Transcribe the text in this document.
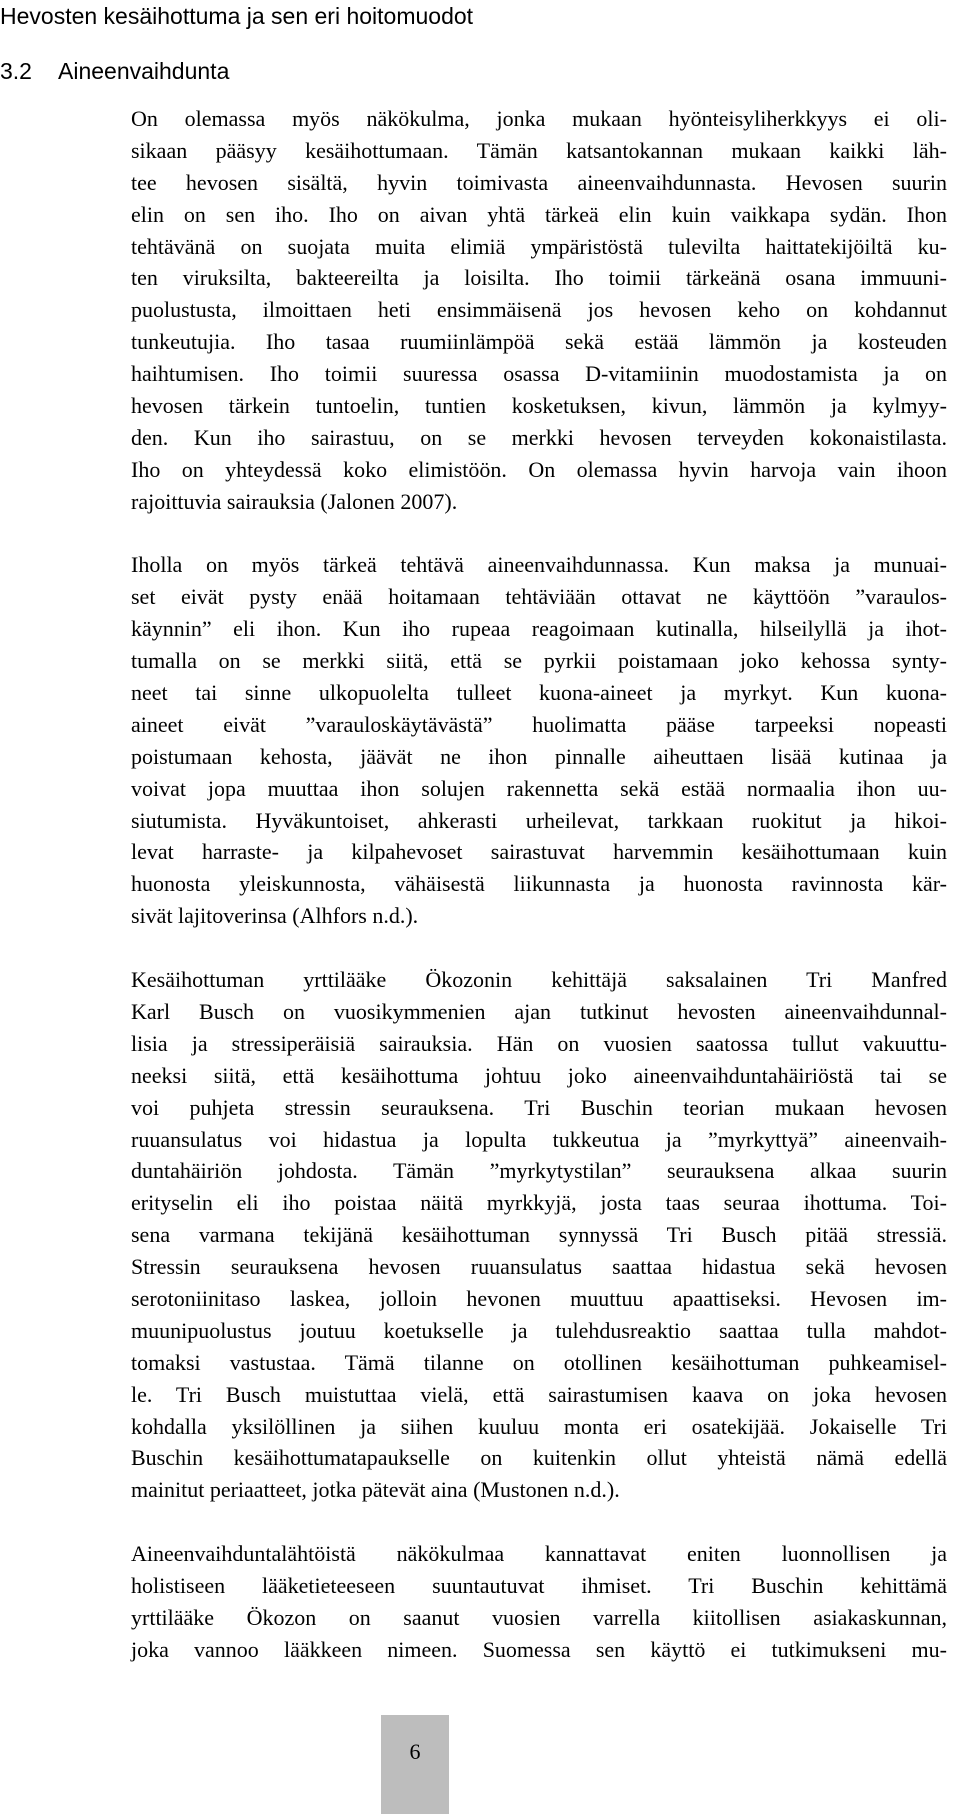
Hevosten kesäihottuma ja sen eri hoitomuodot
3.2 Aineenvaihdunta
On olemassa myös näkökulma, jonka mukaan hyönteisyliherkkyys ei oli-
sikaan pääsyy kesäihottumaan. Tämän katsantokannan mukaan kaikki läh-
tee hevosen sisältä, hyvin toimivasta aineenvaihdunnasta. Hevosen suurin
elin on sen iho. Iho on aivan yhtä tärkeä elin kuin vaikkapa sydän. Ihon
tehtävänä on suojata muita elimiä ympäristöstä tulevilta haittatekijöiltä ku-
ten viruksilta, bakteereilta ja loisilta. Iho toimii tärkeänä osana immuuni-
puolustusta, ilmoittaen heti ensimmäisenä jos hevosen keho on kohdannut
tunkeutujia. Iho tasaa ruumiinlämpöä sekä estää lämmön ja kosteuden
haihtumisen. Iho toimii suuressa osassa D-vitamiinin muodostamista ja on
hevosen tärkein tuntoelin, tuntien kosketuksen, kivun, lämmön ja kylmyy-
den. Kun iho sairastuu, on se merkki hevosen terveyden kokonaistilasta.
Iho on yhteydessä koko elimistöön. On olemassa hyvin harvoja vain ihoon
rajoittuvia sairauksia (Jalonen 2007).
Iholla on myös tärkeä tehtävä aineenvaihdunnassa. Kun maksa ja munuai-
set eivät pysty enää hoitamaan tehtäviään ottavat ne käyttöön ”varaulos-
käynnin” eli ihon. Kun iho rupeaa reagoimaan kutinalla, hilseilyllä ja ihot-
tumalla on se merkki siitä, että se pyrkii poistamaan joko kehossa synty-
neet tai sinne ulkopuolelta tulleet kuona-aineet ja myrkyt. Kun kuona-
aineet eivät ”varauloskäytävästä” huolimatta pääse tarpeeksi nopeasti
poistumaan kehosta, jäävät ne ihon pinnalle aiheuttaen lisää kutinaa ja
voivat jopa muuttaa ihon solujen rakennetta sekä estää normaalia ihon uu-
siutumista. Hyväkuntoiset, ahkerasti urheilevat, tarkkaan ruokitut ja hikoi-
levat harraste- ja kilpahevoset sairastuvat harvemmin kesäihottumaan kuin
huonosta yleiskunnosta, vähäisestä liikunnasta ja huonosta ravinnosta kär-
sivät lajitoverinsa (Alhfors n.d.).
Kesäihottuman yrttilääke Ökozonin kehittäjä saksalainen Tri Manfred
Karl Busch on vuosikymmenien ajan tutkinut hevosten aineenvaihdunnal-
lisia ja stressiperäisiä sairauksia. Hän on vuosien saatossa tullut vakuuttu-
neeksi siitä, että kesäihottuma johtuu joko aineenvaihduntahäiriöstä tai se
voi puhjeta stressin seurauksena. Tri Buschin teorian mukaan hevosen
ruuansulatus voi hidastua ja lopulta tukkeutua ja ”myrkyttyä” aineenvaih-
duntahäiriön johdosta. Tämän ”myrkytystilan” seurauksena alkaa suurin
erityselin eli iho poistaa näitä myrkkyjä, josta taas seuraa ihottuma. Toi-
sena varmana tekijänä kesäihottuman synnyssä Tri Busch pitää stressiä.
Stressin seurauksena hevosen ruuansulatus saattaa hidastua sekä hevosen
serotoniinitaso laskea, jolloin hevonen muuttuu apaattiseksi. Hevosen im-
muunipuolustus joutuu koetukselle ja tulehdusreaktio saattaa tulla mahdot-
tomaksi vastustaa. Tämä tilanne on otollinen kesäihottuman puhkeamisel-
le. Tri Busch muistuttaa vielä, että sairastumisen kaava on joka hevosen
kohdalla yksilöllinen ja siihen kuuluu monta eri osatekijää. Jokaiselle Tri
Buschin kesäihottumatapaukselle on kuitenkin ollut yhteistä nämä edellä
mainitut periaatteet, jotka pätevät aina (Mustonen n.d.).
Aineenvaihduntalähtöistä näkökulmaa kannattavat eniten luonnollisen ja
holistiseen lääketieteeseen suuntautuvat ihmiset. Tri Buschin kehittämä
yrttilääke Ökozon on saanut vuosien varrella kiitollisen asiakaskunnan,
joka vannoo lääkkeen nimeen. Suomessa sen käyttö ei tutkimukseni mu-
6
